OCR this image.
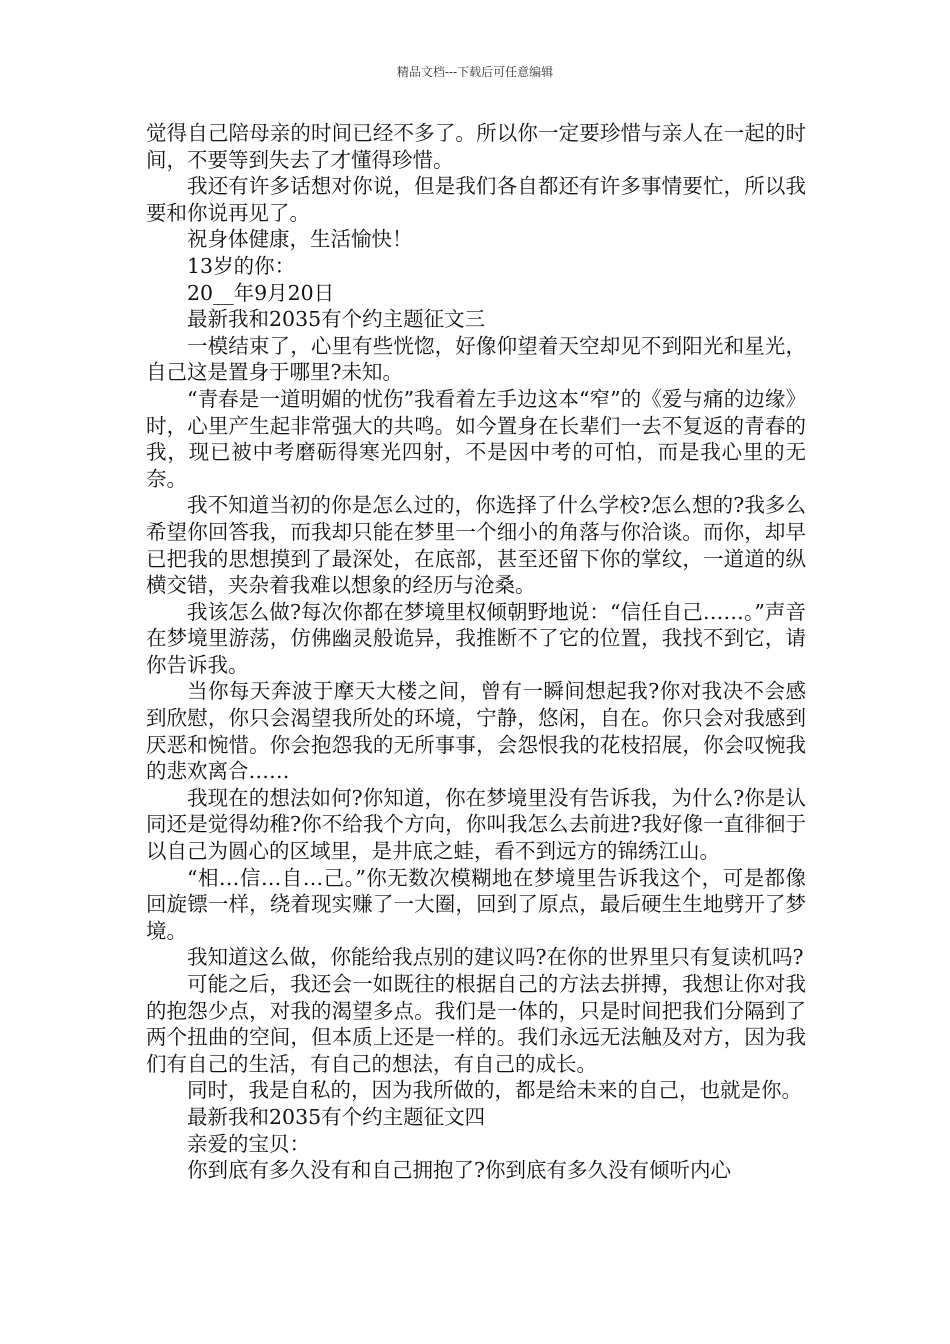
精品文档---下载后可任意编辑

觉得自己陪母亲的时间已经不多了。所以你一定要珍惜与亲人在一起的时间，不要等到失去了才懂得珍惜。

我还有许多话想对你说，但是我们各自都还有许多事情要忙，所以我要和你说再见了。

祝身体健康，生活愉快！

13岁的你：

20__年9月20日

最新我和2035有个约主题征文三

一模结束了，心里有些恍惚，好像仰望着天空却见不到阳光和星光，自己这是置身于哪里?未知。

“青春是一道明媚的忧伤”我看着左手边这本“窄”的《爱与痛的边缘》时，心里产生起非常强大的共鸣。如今置身在长辈们一去不复返的青春的我，现已被中考磨砺得寒光四射，不是因中考的可怕，而是我心里的无奈。

我不知道当初的你是怎么过的，你选择了什么学校?怎么想的?我多么希望你回答我，而我却只能在梦里一个细小的角落与你洽谈。而你，却早已把我的思想摸到了最深处，在底部，甚至还留下你的掌纹，一道道的纵横交错，夹杂着我难以想象的经历与沧桑。

我该怎么做?每次你都在梦境里权倾朝野地说：“信任自己……。”声音在梦境里游荡，仿佛幽灵般诡异，我推断不了它的位置，我找不到它，请你告诉我。

当你每天奔波于摩天大楼之间，曾有一瞬间想起我?你对我决不会感到欣慰，你只会渴望我所处的环境，宁静，悠闲，自在。你只会对我感到厌恶和惋惜。你会抱怨我的无所事事，会怨恨我的花枝招展，你会叹惋我的悲欢离合……

我现在的想法如何?你知道，你在梦境里没有告诉我，为什么?你是认同还是觉得幼稚?你不给我个方向，你叫我怎么去前进?我好像一直徘徊于以自己为圆心的区域里，是井底之蛙，看不到远方的锦绣江山。

“相…信…自…己。”你无数次模糊地在梦境里告诉我这个，可是都像回旋镖一样，绕着现实赚了一大圈，回到了原点，最后硬生生地劈开了梦境。

我知道这么做，你能给我点别的建议吗?在你的世界里只有复读机吗?

可能之后，我还会一如既往的根据自己的方法去拼搏，我想让你对我的抱怨少点，对我的渴望多点。我们是一体的，只是时间把我们分隔到了两个扭曲的空间，但本质上还是一样的。我们永远无法触及对方，因为我们有自己的生活，有自己的想法，有自己的成长。

同时，我是自私的，因为我所做的，都是给未来的自己，也就是你。

最新我和2035有个约主题征文四

亲爱的宝贝：

你到底有多久没有和自己拥抱了?你到底有多久没有倾听内心
